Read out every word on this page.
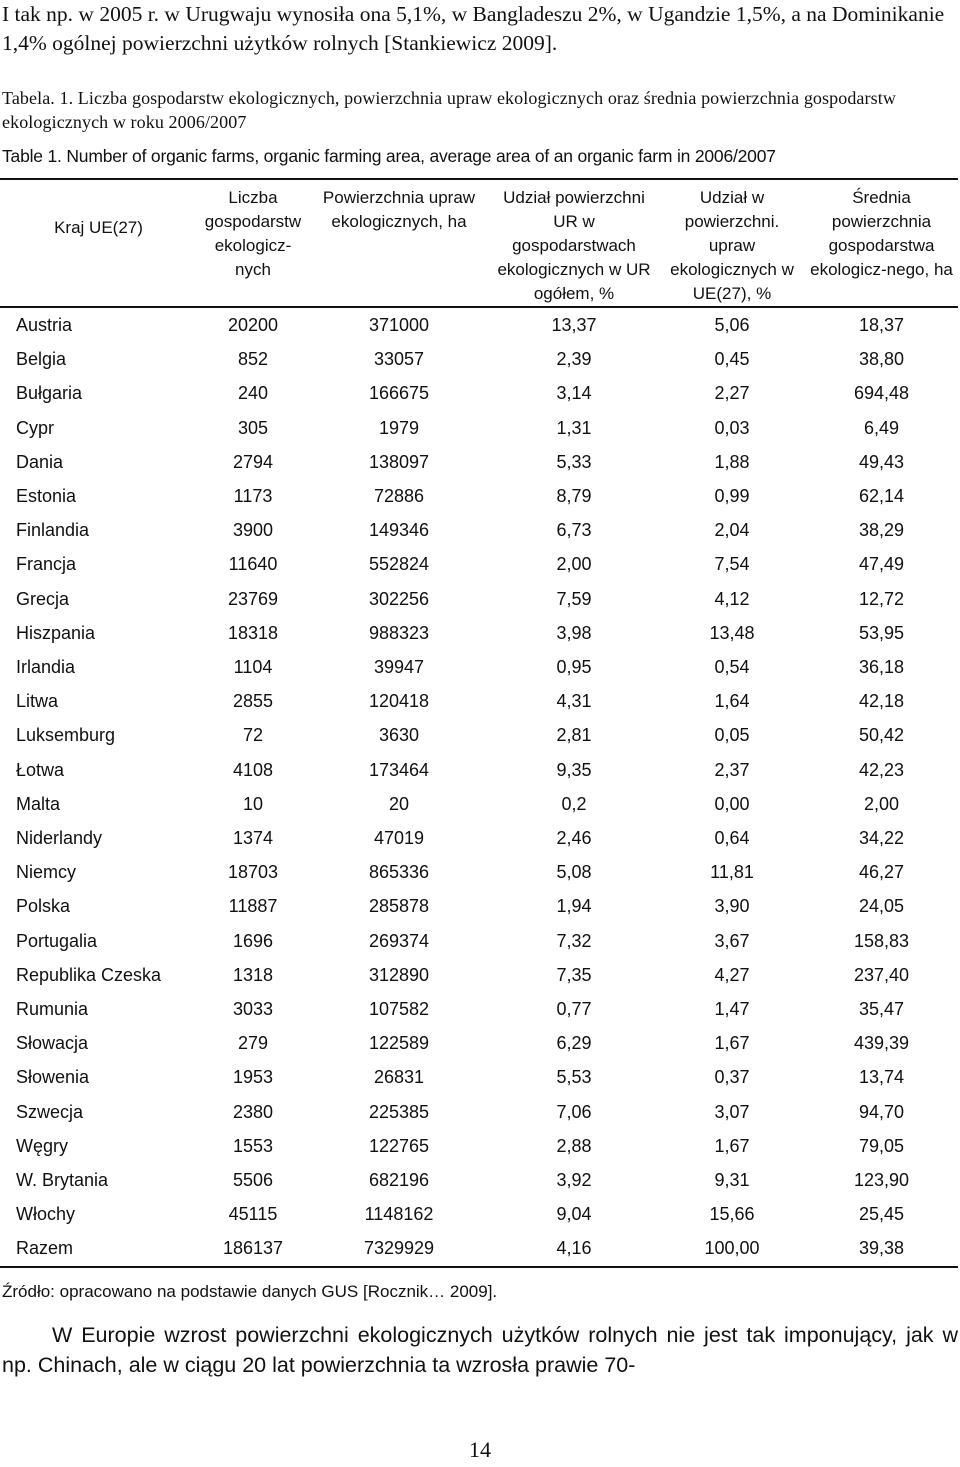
I tak np. w 2005 r. w Urugwaju wynosiła ona 5,1%, w Bangladeszu 2%, w Ugandzie 1,5%, a na Dominikanie 1,4% ogólnej powierzchni użytków rolnych [Stankiewicz 2009].

Tabela. 1. Liczba gospodarstw ekologicznych, powierzchnia upraw ekologicznych oraz średnia powierzchnia gospodarstw ekologicznych w roku 2006/2007

Table 1. Number of organic farms, organic farming area, average area of an organic farm in 2006/2007

Kraj UE(27)	Liczba gospodarstw ekologicz-nych	Powierzchnia upraw ekologicznych, ha	Udział powierzchni UR w gospodarstwach ekologicznych w UR ogółem, %	Udział w powierzchni. upraw ekologicznych w UE(27), %	Średnia powierzchnia gospodarstwa ekologicz-nego, ha
Austria	20200	371000	13,37	5,06	18,37
Belgia	852	33057	2,39	0,45	38,80
Bułgaria	240	166675	3,14	2,27	694,48
Cypr	305	1979	1,31	0,03	6,49
Dania	2794	138097	5,33	1,88	49,43
Estonia	1173	72886	8,79	0,99	62,14
Finlandia	3900	149346	6,73	2,04	38,29
Francja	11640	552824	2,00	7,54	47,49
Grecja	23769	302256	7,59	4,12	12,72
Hiszpania	18318	988323	3,98	13,48	53,95
Irlandia	1104	39947	0,95	0,54	36,18
Litwa	2855	120418	4,31	1,64	42,18
Luksemburg	72	3630	2,81	0,05	50,42
Łotwa	4108	173464	9,35	2,37	42,23
Malta	10	20	0,2	0,00	2,00
Niderlandy	1374	47019	2,46	0,64	34,22
Niemcy	18703	865336	5,08	11,81	46,27
Polska	11887	285878	1,94	3,90	24,05
Portugalia	1696	269374	7,32	3,67	158,83
Republika Czeska	1318	312890	7,35	4,27	237,40
Rumunia	3033	107582	0,77	1,47	35,47
Słowacja	279	122589	6,29	1,67	439,39
Słowenia	1953	26831	5,53	0,37	13,74
Szwecja	2380	225385	7,06	3,07	94,70
Węgry	1553	122765	2,88	1,67	79,05
W. Brytania	5506	682196	3,92	9,31	123,90
Włochy	45115	1148162	9,04	15,66	25,45
Razem	186137	7329929	4,16	100,00	39,38

Źródło: opracowano na podstawie danych GUS [Rocznik… 2009].

W Europie wzrost powierzchni ekologicznych użytków rolnych nie jest tak imponujący, jak w np. Chinach, ale w ciągu 20 lat powierzchnia ta wzrosła prawie 70-

14
